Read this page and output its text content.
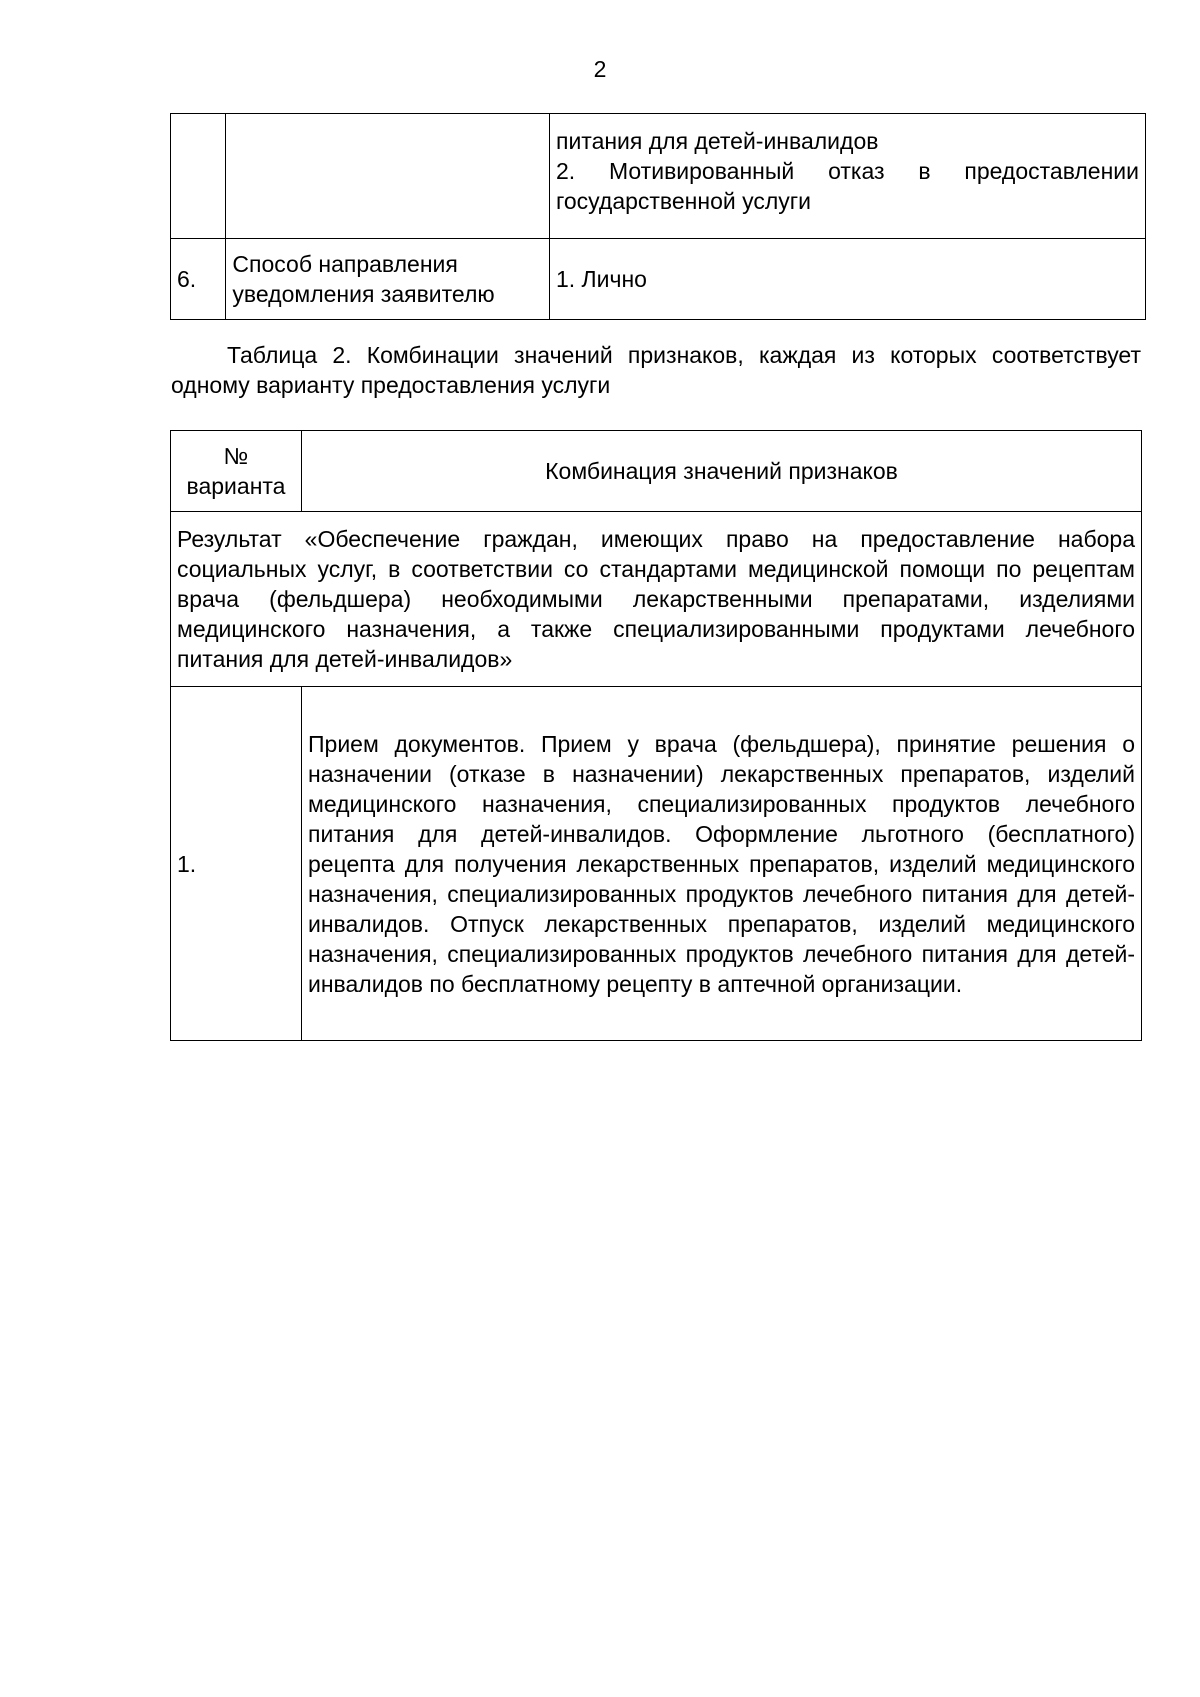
2

		питания для детей-инвалидов
2. Мотивированный отказ в предоставлении государственной услуги

6.	Способ направления уведомления заявителю	1. Лично
Таблица 2. Комбинации значений признаков, каждая из которых соответствует одному варианту предоставления услуги
№ варианта	Комбинация значений признаков
Результат «Обеспечение граждан, имеющих право на предоставление набора социальных услуг, в соответствии со стандартами медицинской помощи по рецептам врача (фельдшера) необходимыми лекарственными препаратами, изделиями медицинского назначения, а также специализированными продуктами лечебного питания для детей-инвалидов»	
1.	Прием документов. Прием у врача (фельдшера), принятие решения о назначении (отказе в назначении) лекарственных препаратов, изделий медицинского назначения, специализированных продуктов лечебного питания для детей-инвалидов. Оформление льготного (бесплатного) рецепта для получения лекарственных препаратов, изделий медицинского назначения, специализированных продуктов лечебного питания для детей-инвалидов. Отпуск лекарственных препаратов, изделий медицинского назначения, специализированных продуктов лечебного питания для детей-инвалидов по бесплатному рецепту в аптечной организации.
